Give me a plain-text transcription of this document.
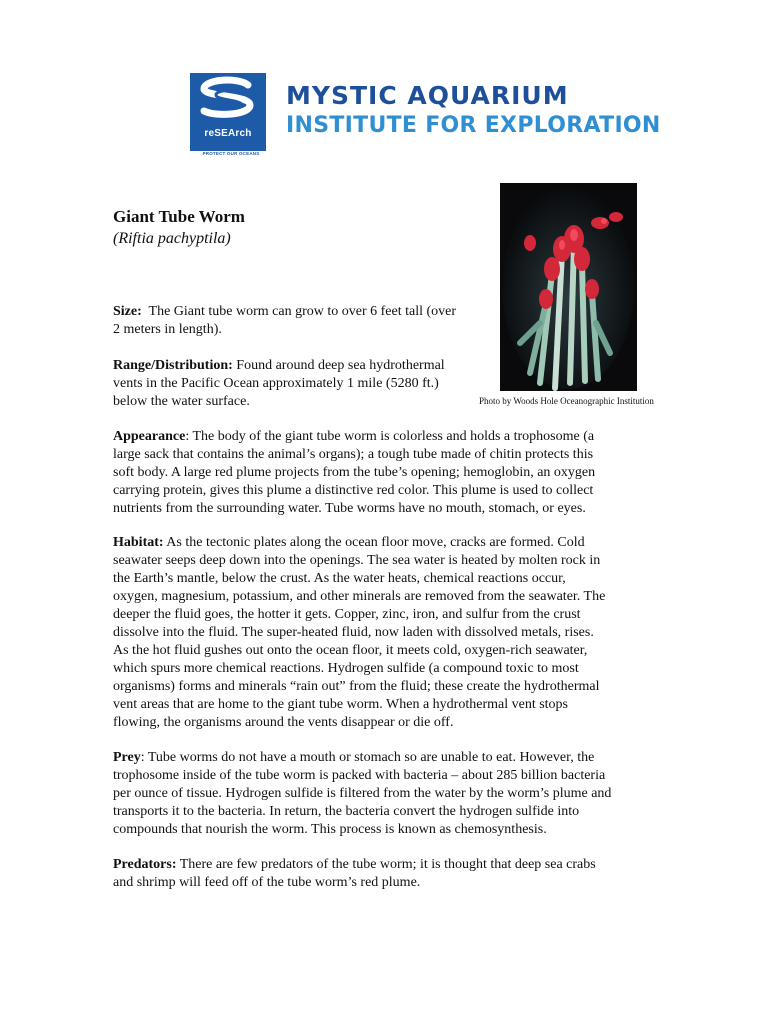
reSEArch
PROTECT OUR OCEANS
MYSTIC AQUARIUM
INSTITUTE FOR EXPLORATION
Photo by Woods Hole Oceanographic Institution
Giant Tube Worm
(Riftia pachyptila)
Size: The Giant tube worm can grow to over 6 feet tall (over
2 meters in length).
Range/Distribution: Found around deep sea hydrothermal
vents in the Pacific Ocean approximately 1 mile (5280 ft.)
below the water surface.
Appearance: The body of the giant tube worm is colorless and holds a trophosome (a
large sack that contains the animal’s organs); a tough tube made of chitin protects this
soft body. A large red plume projects from the tube’s opening; hemoglobin, an oxygen
carrying protein, gives this plume a distinctive red color. This plume is used to collect
nutrients from the surrounding water. Tube worms have no mouth, stomach, or eyes.
Habitat: As the tectonic plates along the ocean floor move, cracks are formed. Cold
seawater seeps deep down into the openings. The sea water is heated by molten rock in
the Earth’s mantle, below the crust. As the water heats, chemical reactions occur,
oxygen, magnesium, potassium, and other minerals are removed from the seawater. The
deeper the fluid goes, the hotter it gets. Copper, zinc, iron, and sulfur from the crust
dissolve into the fluid. The super-heated fluid, now laden with dissolved metals, rises.
As the hot fluid gushes out onto the ocean floor, it meets cold, oxygen-rich seawater,
which spurs more chemical reactions. Hydrogen sulfide (a compound toxic to most
organisms) forms and minerals “rain out” from the fluid; these create the hydrothermal
vent areas that are home to the giant tube worm. When a hydrothermal vent stops
flowing, the organisms around the vents disappear or die off.
Prey: Tube worms do not have a mouth or stomach so are unable to eat. However, the
trophosome inside of the tube worm is packed with bacteria – about 285 billion bacteria
per ounce of tissue. Hydrogen sulfide is filtered from the water by the worm’s plume and
transports it to the bacteria. In return, the bacteria convert the hydrogen sulfide into
compounds that nourish the worm. This process is known as chemosynthesis.
Predators: There are few predators of the tube worm; it is thought that deep sea crabs
and shrimp will feed off of the tube worm’s red plume.
